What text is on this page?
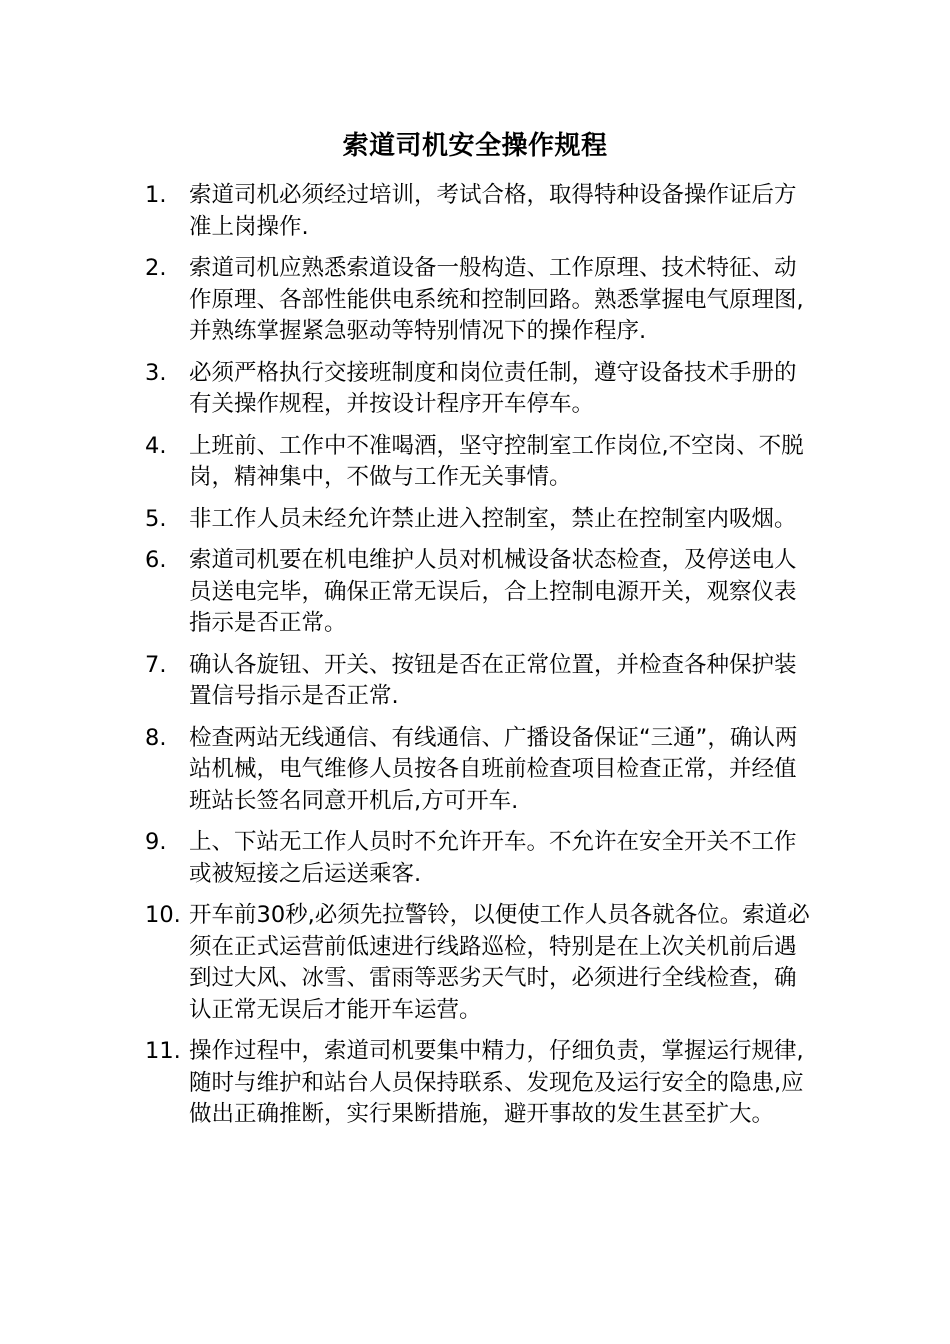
索道司机安全操作规程
1.	索道司机必须经过培训，考试合格，取得特种设备操作证后方准上岗操作.
2.	索道司机应熟悉索道设备一般构造、工作原理、技术特征、动作原理、各部性能供电系统和控制回路。熟悉掌握电气原理图,并熟练掌握紧急驱动等特别情况下的操作程序.
3.	必须严格执行交接班制度和岗位责任制，遵守设备技术手册的有关操作规程，并按设计程序开车停车。
4.	上班前、工作中不准喝酒，坚守控制室工作岗位,不空岗、不脱岗，精神集中，不做与工作无关事情。
5.	非工作人员未经允许禁止进入控制室，禁止在控制室内吸烟。
6.	索道司机要在机电维护人员对机械设备状态检查，及停送电人员送电完毕，确保正常无误后，合上控制电源开关，观察仪表指示是否正常。
7.	确认各旋钮、开关、按钮是否在正常位置，并检查各种保护装置信号指示是否正常.
8.	检查两站无线通信、有线通信、广播设备保证“三通”，确认两站机械，电气维修人员按各自班前检查项目检查正常，并经值班站长签名同意开机后,方可开车.
9.	上、下站无工作人员时不允许开车。不允许在安全开关不工作或被短接之后运送乘客.
10. 开车前30秒,必须先拉警铃，以便使工作人员各就各位。索道必须在正式运营前低速进行线路巡检，特别是在上次关机前后遇到过大风、冰雪、雷雨等恶劣天气时，必须进行全线检查，确认正常无误后才能开车运营。
11. 操作过程中，索道司机要集中精力，仔细负责，掌握运行规律,随时与维护和站台人员保持联系、发现危及运行安全的隐患,应做出正确推断，实行果断措施，避开事故的发生甚至扩大。
